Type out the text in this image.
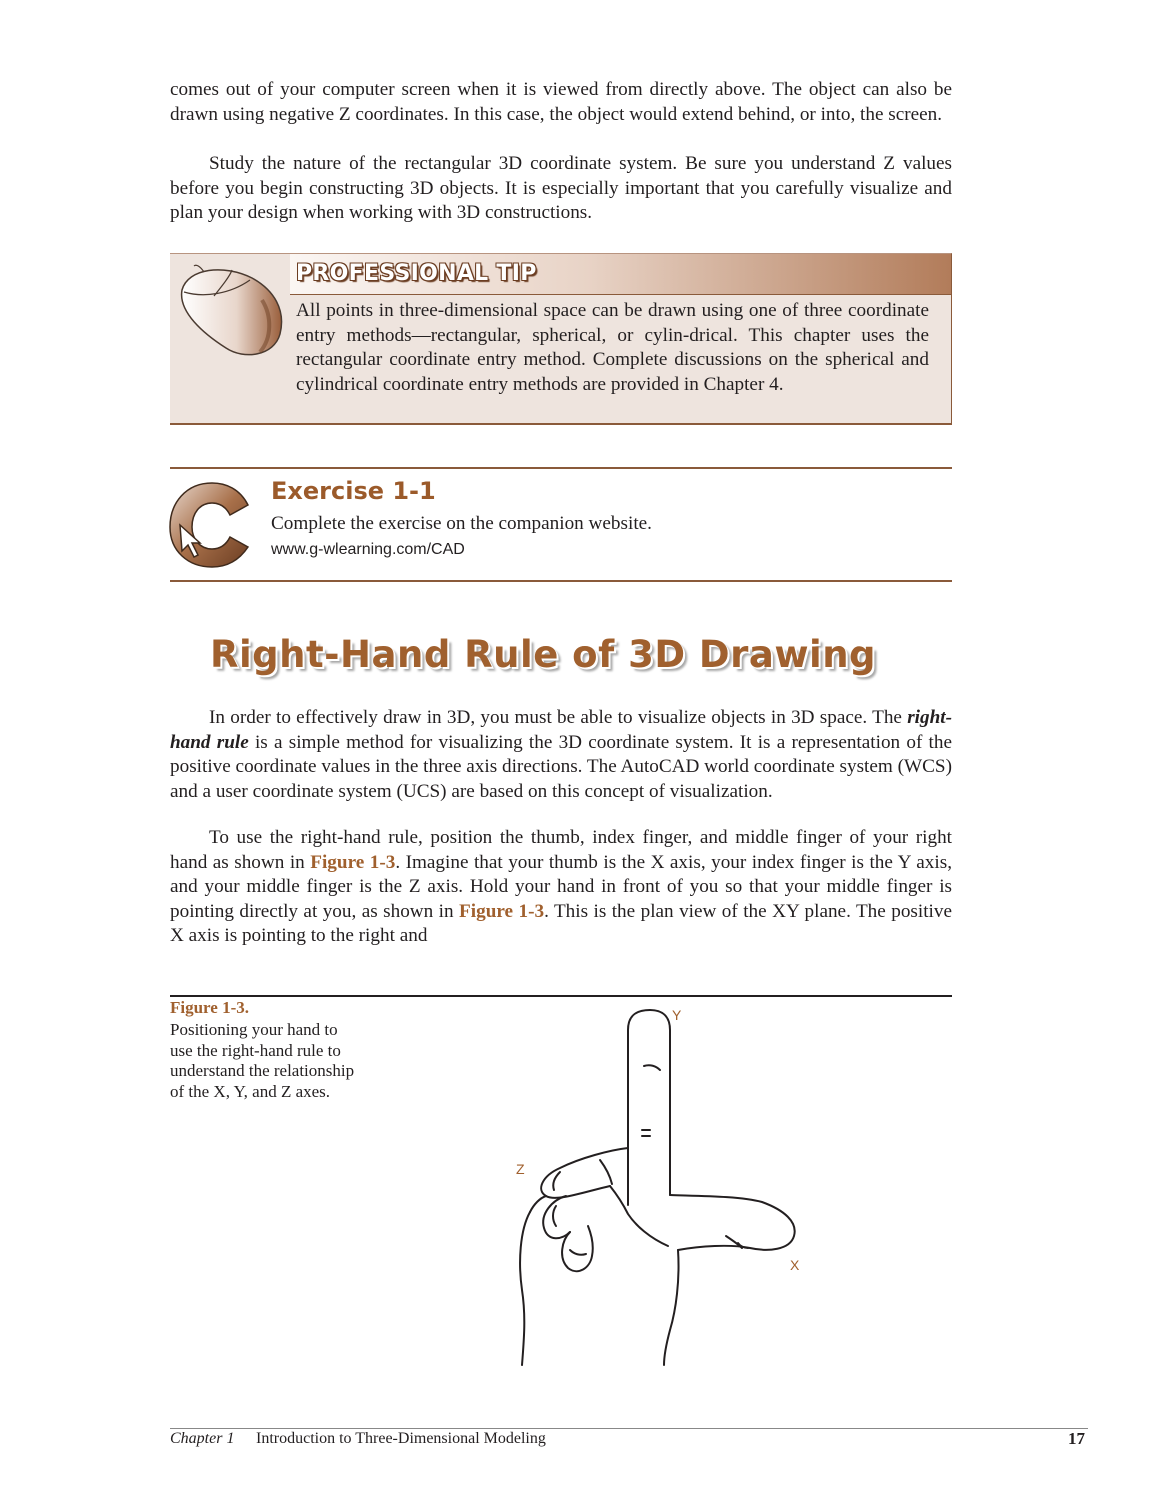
comes out of your computer screen when it is viewed from directly above. The object can also be drawn using negative Z coordinates. In this case, the object would extend behind, or into, the screen.

Study the nature of the rectangular 3D coordinate system. Be sure you understand Z values before you begin constructing 3D objects. It is especially important that you carefully visualize and plan your design when working with 3D constructions.

PROFESSIONAL TIP

All points in three-dimensional space can be drawn using one of three coordinate entry methods—rectangular, spherical, or cylin-drical. This chapter uses the rectangular coordinate entry method. Complete discussions on the spherical and cylindrical coordinate entry methods are provided in Chapter 4.

Exercise 1-1
Complete the exercise on the companion website.
www.g-wlearning.com/CAD
Right-Hand Rule of 3D Drawing

In order to effectively draw in 3D, you must be able to visualize objects in 3D space. The right-hand rule is a simple method for visualizing the 3D coordinate system. It is a representation of the positive coordinate values in the three axis directions. The AutoCAD world coordinate system (WCS) and a user coordinate system (UCS) are based on this concept of visualization.

To use the right-hand rule, position the thumb, index finger, and middle finger of your right hand as shown in Figure 1-3. Imagine that your thumb is the X axis, your index finger is the Y axis, and your middle finger is the Z axis. Hold your hand in front of you so that your middle finger is pointing directly at you, as shown in Figure 1-3. This is the plan view of the XY plane. The positive X axis is pointing to the right and

Figure 1-3.

Positioning your hand to use the right-hand rule to understand the relationship of the X, Y, and Z axes.

Y
Z
X
Chapter 1 Introduction to Three-Dimensional Modeling	17
